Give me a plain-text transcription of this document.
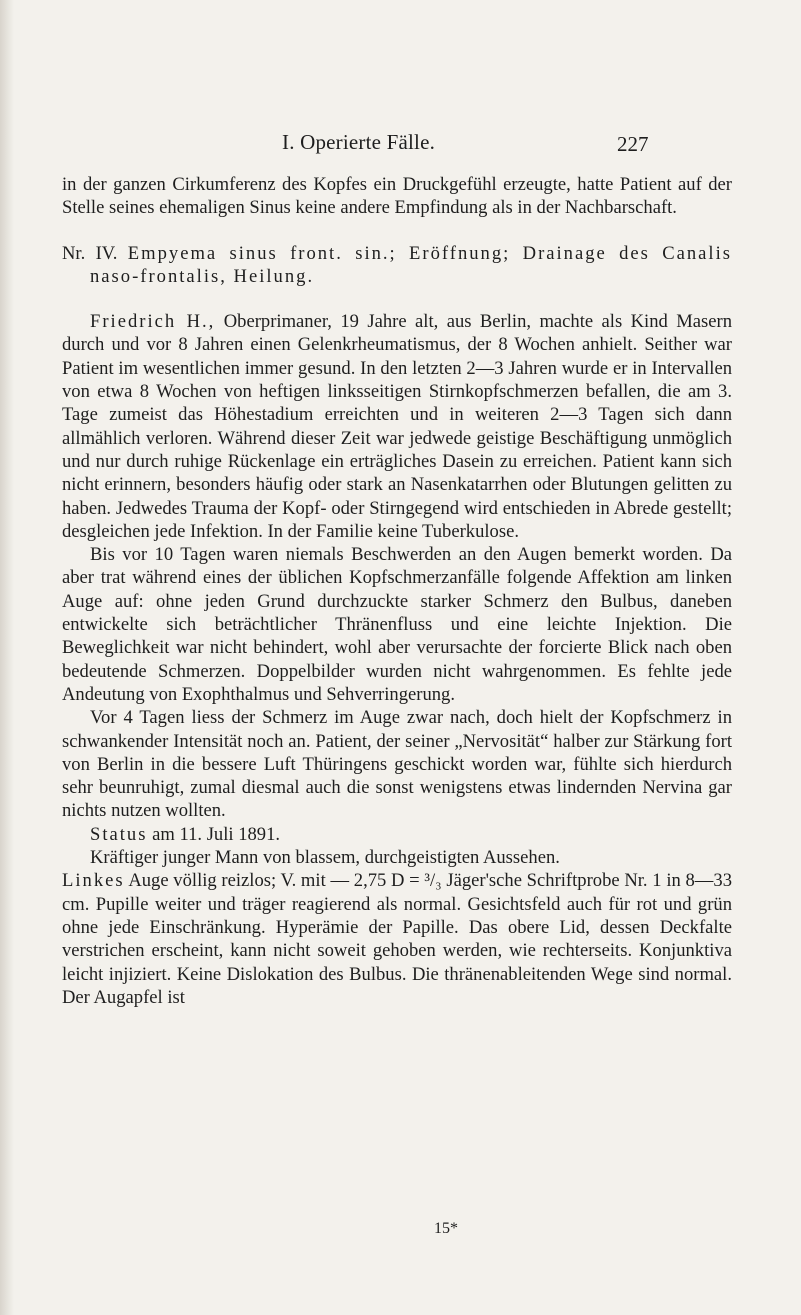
I. Operierte Fälle.	227

in der ganzen Cirkumferenz des Kopfes ein Druckgefühl erzeugte, hatte Patient auf der Stelle seines ehemaligen Sinus keine andere Empfindung als in der Nachbarschaft.

Nr. IV. Empyema sinus front. sin.; Eröffnung; Drainage des Canalis naso-frontalis, Heilung.

Friedrich H., Oberprimaner, 19 Jahre alt, aus Berlin, machte als Kind Masern durch und vor 8 Jahren einen Gelenkrheumatismus, der 8 Wochen anhielt. Seither war Patient im wesentlichen immer gesund. In den letzten 2—3 Jahren wurde er in Intervallen von etwa 8 Wochen von heftigen linksseitigen Stirnkopfschmerzen befallen, die am 3. Tage zumeist das Höhestadium erreichten und in weiteren 2—3 Tagen sich dann allmählich verloren. Während dieser Zeit war jedwede geistige Beschäftigung unmöglich und nur durch ruhige Rückenlage ein erträgliches Dasein zu erreichen. Patient kann sich nicht erinnern, besonders häufig oder stark an Nasenkatarrhen oder Blutungen gelitten zu haben. Jedwedes Trauma der Kopf- oder Stirngegend wird entschieden in Abrede gestellt; desgleichen jede Infektion. In der Familie keine Tuberkulose.

Bis vor 10 Tagen waren niemals Beschwerden an den Augen bemerkt worden. Da aber trat während eines der üblichen Kopfschmerzanfälle folgende Affektion am linken Auge auf: ohne jeden Grund durchzuckte starker Schmerz den Bulbus, daneben entwickelte sich beträchtlicher Thränenfluss und eine leichte Injektion. Die Beweglichkeit war nicht behindert, wohl aber verursachte der forcierte Blick nach oben bedeutende Schmerzen. Doppelbilder wurden nicht wahrgenommen. Es fehlte jede Andeutung von Exophthalmus und Sehverringerung.

Vor 4 Tagen liess der Schmerz im Auge zwar nach, doch hielt der Kopfschmerz in schwankender Intensität noch an. Patient, der seiner „Nervosität“ halber zur Stärkung fort von Berlin in die bessere Luft Thüringens geschickt worden war, fühlte sich hierdurch sehr beunruhigt, zumal diesmal auch die sonst wenigstens etwas lindernden Nervina gar nichts nutzen wollten.

Status am 11. Juli 1891.

Kräftiger junger Mann von blassem, durchgeistigten Aussehen.

Linkes Auge völlig reizlos; V. mit — 2,75 D = ³/₃ Jäger'sche Schriftprobe Nr. 1 in 8—33 cm. Pupille weiter und träger reagierend als normal. Gesichtsfeld auch für rot und grün ohne jede Einschränkung. Hyperämie der Papille. Das obere Lid, dessen Deckfalte verstrichen erscheint, kann nicht soweit gehoben werden, wie rechterseits. Konjunktiva leicht injiziert. Keine Dislokation des Bulbus. Die thränenableitenden Wege sind normal. Der Augapfel ist

15*
